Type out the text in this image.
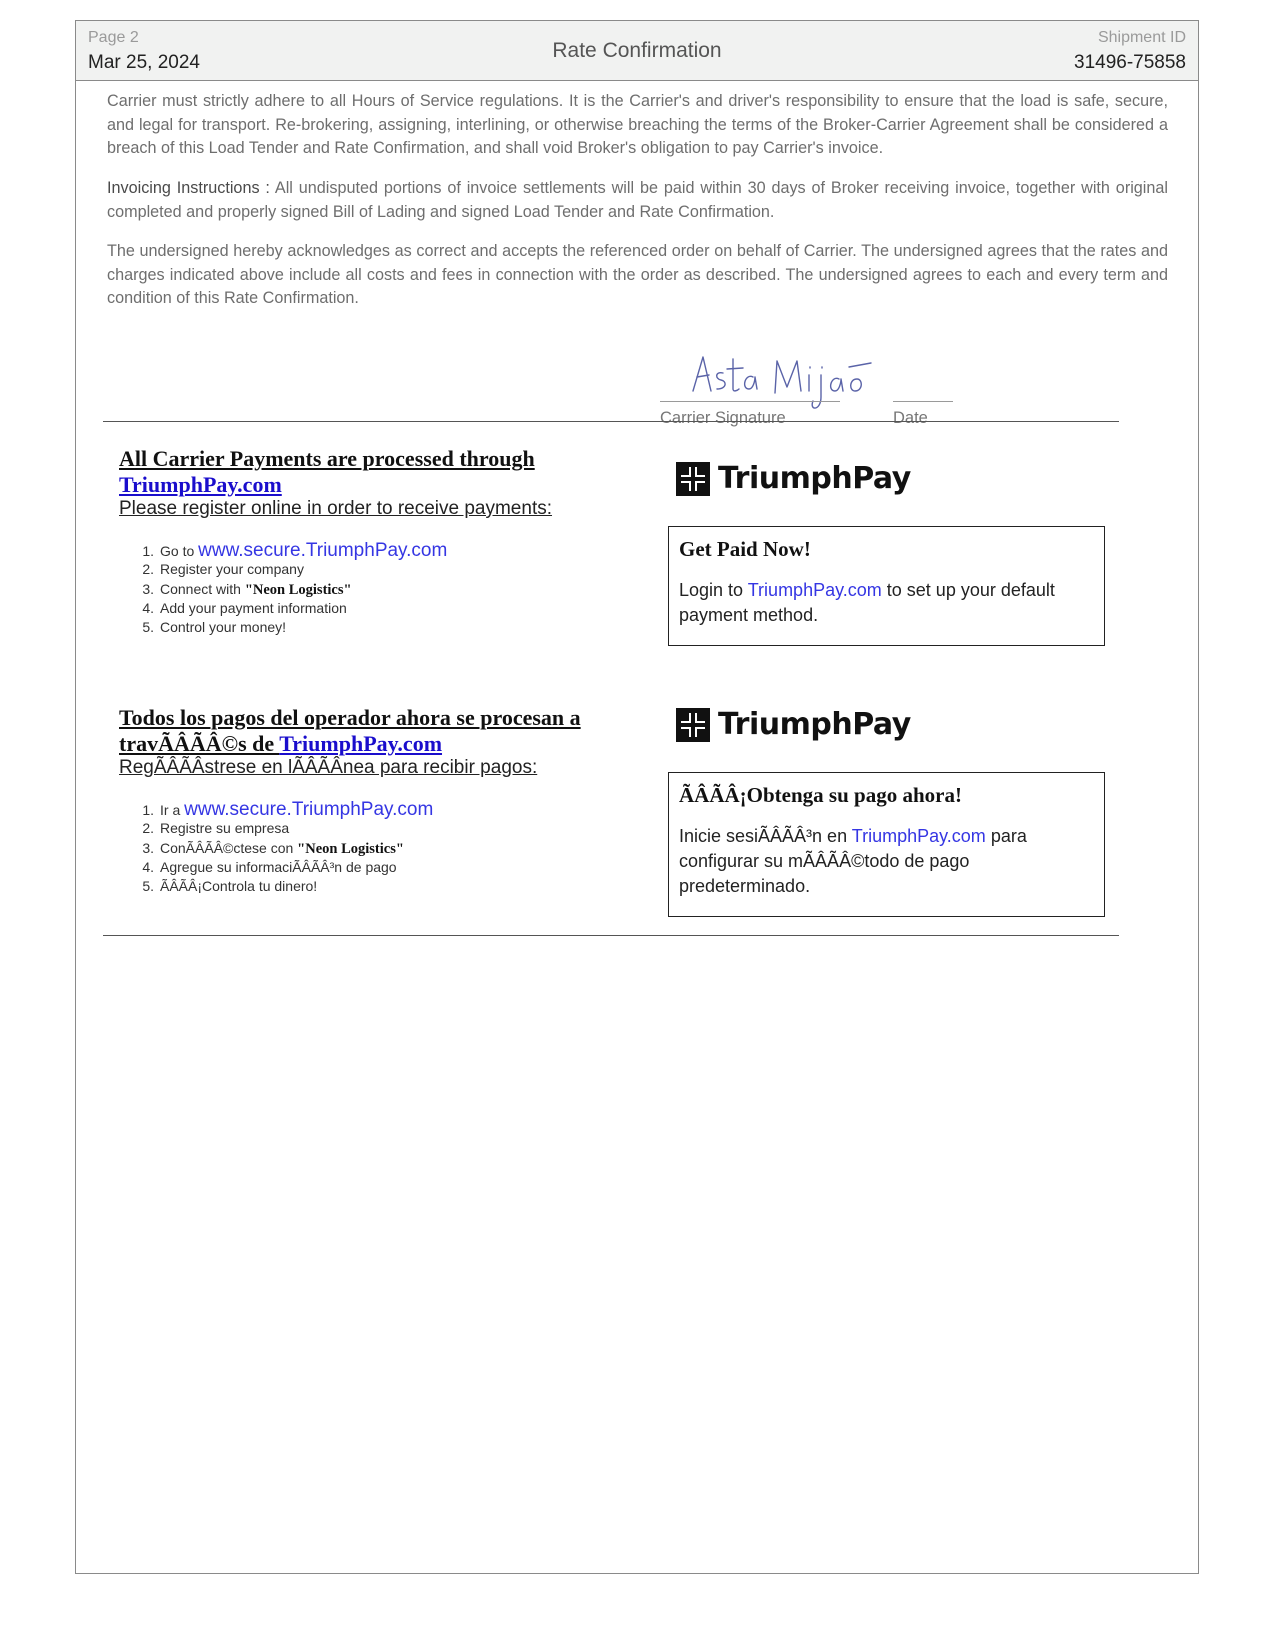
Page 2
Mar 25, 2024
Rate Confirmation
Shipment ID
31496-75858

Carrier must strictly adhere to all Hours of Service regulations. It is the Carrier's and driver's responsibility to ensure that the load is safe, secure, and legal for transport. Re-brokering, assigning, interlining, or otherwise breaching the terms of the Broker-Carrier Agreement shall be considered a breach of this Load Tender and Rate Confirmation, and shall void Broker's obligation to pay Carrier's invoice.

Invoicing Instructions : All undisputed portions of invoice settlements will be paid within 30 days of Broker receiving invoice, together with original completed and properly signed Bill of Lading and signed Load Tender and Rate Confirmation.

The undersigned hereby acknowledges as correct and accepts the referenced order on behalf of Carrier. The undersigned agrees that the rates and charges indicated above include all costs and fees in connection with the order as described. The undersigned agrees to each and every term and condition of this Rate Confirmation.

Carrier Signature	Date
All Carrier Payments are processed through
TriumphPay.com
Please register online in order to receive payments:
1. Go to www.secure.TriumphPay.com
2. Register your company
3. Connect with "Neon Logistics"
4. Add your payment information
5. Control your money!
TriumphPay
Get Paid Now!

Login to TriumphPay.com to set up your default payment method.

Todos los pagos del operador ahora se procesan a travÃÂÃÂ©s de TriumphPay.com
RegÃÂÃÂstrese en lÃÂÃÂnea para recibir pagos:
1. Ir a www.secure.TriumphPay.com
2. Registre su empresa
3. ConÃÂÃÂ©ctese con "Neon Logistics"
4. Agregue su informaciÃÂÃÂ³n de pago
5. ÃÂÃÂ¡Controla tu dinero!
TriumphPay
ÃÂÃÂ¡Obtenga su pago ahora!

Inicie sesiÃÂÃÂ³n en TriumphPay.com para configurar su mÃÂÃÂ©todo de pago predeterminado.
